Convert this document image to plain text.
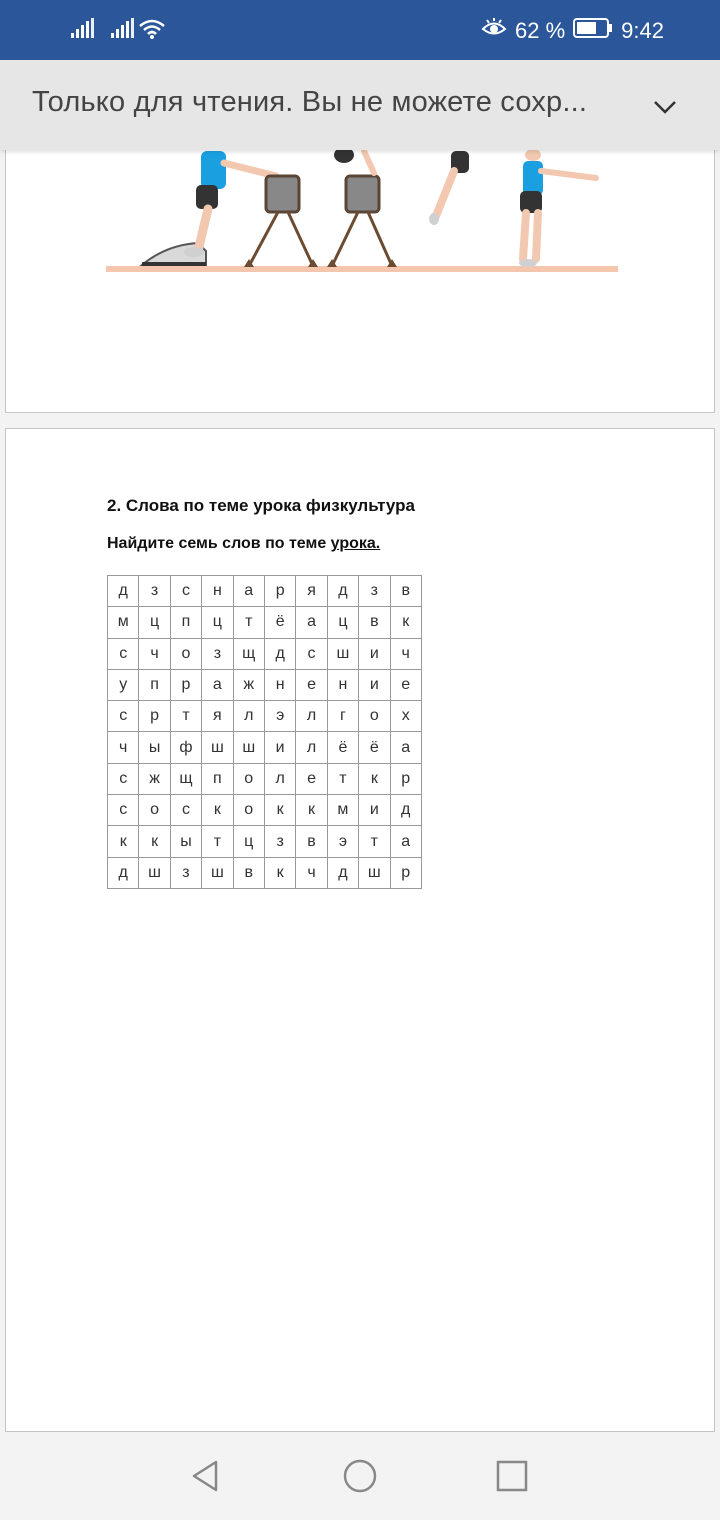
62 %	9:42
Только для чтения. Вы не можете сохр...
2. Слова по теме урока физкультура
Найдите семь слов по теме урока.
д	з	с	н	а	р	я	д	з	в
м	ц	п	ц	т	ё	а	ц	в	к
с	ч	о	з	щ	д	с	ш	и	ч
у	п	р	а	ж	н	е	н	и	е
с	р	т	я	л	э	л	г	о	х
ч	ы	ф	ш	ш	и	л	ё	ё	а
с	ж	щ	п	о	л	е	т	к	р
с	о	с	к	о	к	к	м	и	д
к	к	ы	т	ц	з	в	э	т	а
д	ш	з	ш	в	к	ч	д	ш	р
